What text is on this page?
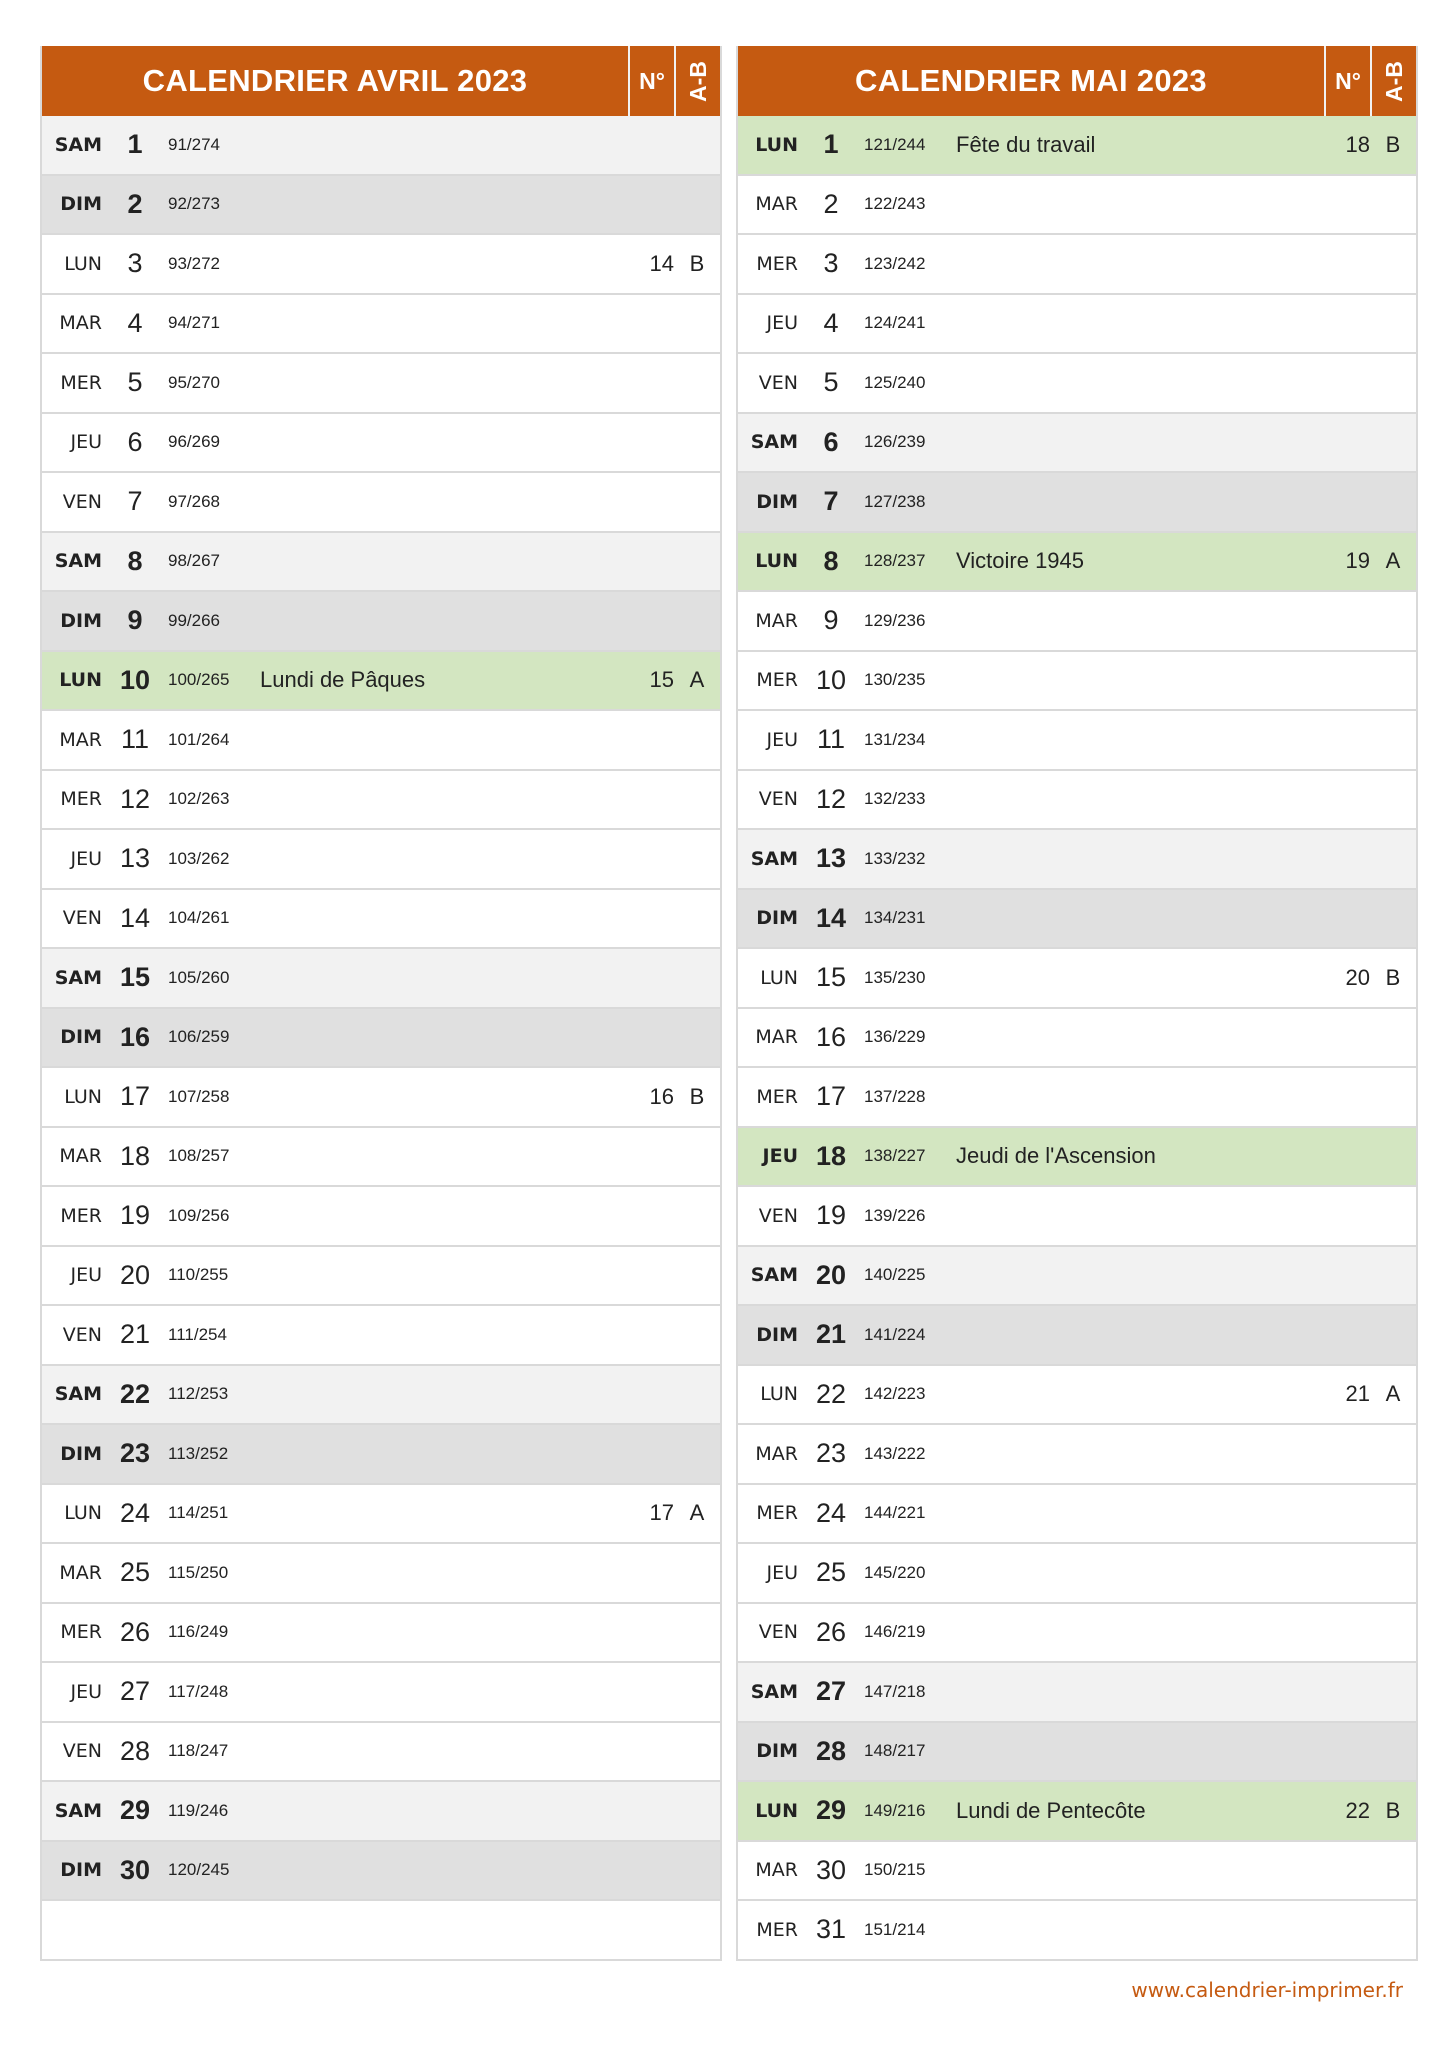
CALENDRIER AVRIL 2023	N° A-B
SAM 1	91/274
DIM 2	92/273
LUN 3	93/272	14 B
MAR 4	94/271
MER 5	95/270
JEU 6	96/269
VEN 7	97/268
SAM 8	98/267
DIM 9	99/266
LUN 10	100/265	Lundi de Pâques	15 A
MAR 11	101/264
MER 12	102/263
JEU 13	103/262
VEN 14	104/261
SAM 15	105/260
DIM 16	106/259
LUN 17	107/258	16 B
MAR 18	108/257
MER 19	109/256
JEU 20	110/255
VEN 21	111/254
SAM 22	112/253
DIM 23	113/252
LUN 24	114/251	17 A
MAR 25	115/250
MER 26	116/249
JEU 27	117/248
VEN 28	118/247
SAM 29	119/246
DIM 30	120/245
CALENDRIER MAI 2023	N° A-B
LUN 1	121/244	Fête du travail	18 B
MAR 2	122/243
MER 3	123/242
JEU 4	124/241
VEN 5	125/240
SAM 6	126/239
DIM 7	127/238
LUN 8	128/237	Victoire 1945	19 A
MAR 9	129/236
MER 10	130/235
JEU 11	131/234
VEN 12	132/233
SAM 13	133/232
DIM 14	134/231
LUN 15	135/230	20 B
MAR 16	136/229
MER 17	137/228
JEU 18	138/227	Jeudi de l'Ascension
VEN 19	139/226
SAM 20	140/225
DIM 21	141/224
LUN 22	142/223	21 A
MAR 23	143/222
MER 24	144/221
JEU 25	145/220
VEN 26	146/219
SAM 27	147/218
DIM 28	148/217
LUN 29	149/216	Lundi de Pentecôte	22 B
MAR 30	150/215
MER 31	151/214
www.calendrier-imprimer.fr
